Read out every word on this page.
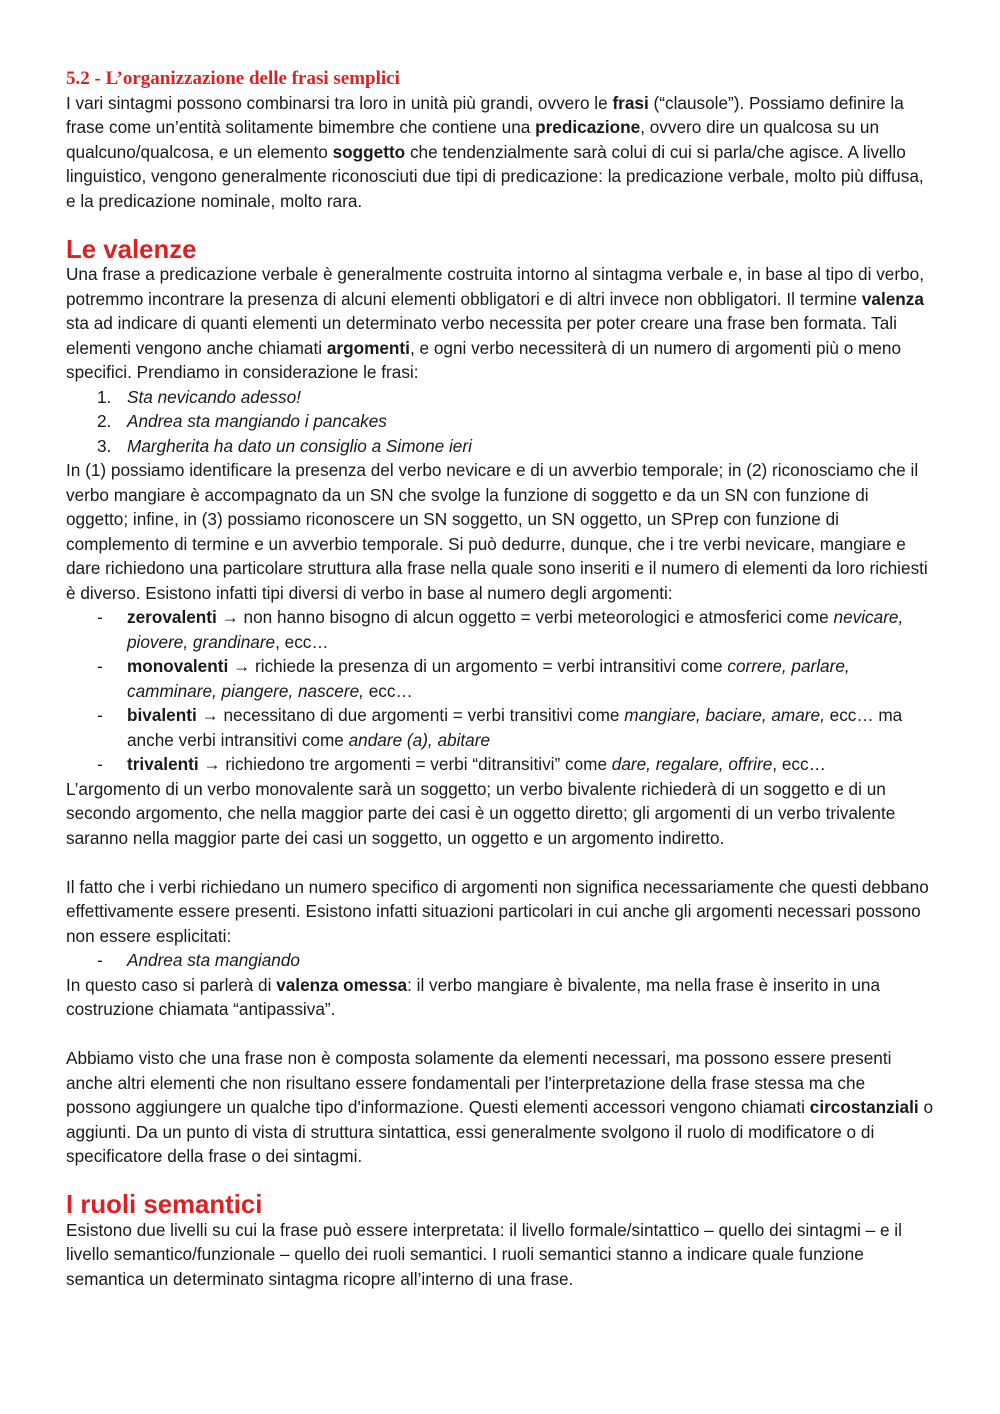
5.2 - L’organizzazione delle frasi semplici

I vari sintagmi possono combinarsi tra loro in unità più grandi, ovvero le frasi (“clausole”). Possiamo definire la frase come un’entità solitamente bimembre che contiene una predicazione, ovvero dire un qualcosa su un qualcuno/qualcosa, e un elemento soggetto che tendenzialmente sarà colui di cui si parla/che agisce. A livello linguistico, vengono generalmente riconosciuti due tipi di predicazione: la predicazione verbale, molto più diffusa, e la predicazione nominale, molto rara.

Le valenze

Una frase a predicazione verbale è generalmente costruita intorno al sintagma verbale e, in base al tipo di verbo, potremmo incontrare la presenza di alcuni elementi obbligatori e di altri invece non obbligatori. Il termine valenza sta ad indicare di quanti elementi un determinato verbo necessita per poter creare una frase ben formata. Tali elementi vengono anche chiamati argomenti, e ogni verbo necessiterà di un numero di argomenti più o meno specifici. Prendiamo in considerazione le frasi:

1. Sta nevicando adesso!
2. Andrea sta mangiando i pancakes
3. Margherita ha dato un consiglio a Simone ieri

In (1) possiamo identificare la presenza del verbo nevicare e di un avverbio temporale; in (2) riconosciamo che il verbo mangiare è accompagnato da un SN che svolge la funzione di soggetto e da un SN con funzione di oggetto; infine, in (3) possiamo riconoscere un SN soggetto, un SN oggetto, un SPrep con funzione di complemento di termine e un avverbio temporale. Si può dedurre, dunque, che i tre verbi nevicare, mangiare e dare richiedono una particolare struttura alla frase nella quale sono inseriti e il numero di elementi da loro richiesti è diverso. Esistono infatti tipi diversi di verbo in base al numero degli argomenti:

- zerovalenti → non hanno bisogno di alcun oggetto = verbi meteorologici e atmosferici come nevicare, piovere, grandinare, ecc…
- monovalenti → richiede la presenza di un argomento = verbi intransitivi come correre, parlare, camminare, piangere, nascere, ecc…
- bivalenti → necessitano di due argomenti = verbi transitivi come mangiare, baciare, amare, ecc… ma anche verbi intransitivi come andare (a), abitare
- trivalenti → richiedono tre argomenti = verbi “ditransitivi” come dare, regalare, offrire, ecc…

L’argomento di un verbo monovalente sarà un soggetto; un verbo bivalente richiederà di un soggetto e di un secondo argomento, che nella maggior parte dei casi è un oggetto diretto; gli argomenti di un verbo trivalente saranno nella maggior parte dei casi un soggetto, un oggetto e un argomento indiretto.

Il fatto che i verbi richiedano un numero specifico di argomenti non significa necessariamente che questi debbano effettivamente essere presenti. Esistono infatti situazioni particolari in cui anche gli argomenti necessari possono non essere esplicitati:

- Andrea sta mangiando

In questo caso si parlerà di valenza omessa: il verbo mangiare è bivalente, ma nella frase è inserito in una costruzione chiamata “antipassiva”.

Abbiamo visto che una frase non è composta solamente da elementi necessari, ma possono essere presenti anche altri elementi che non risultano essere fondamentali per l'interpretazione della frase stessa ma che possono aggiungere un qualche tipo d'informazione. Questi elementi accessori vengono chiamati circostanziali o aggiunti. Da un punto di vista di struttura sintattica, essi generalmente svolgono il ruolo di modificatore o di specificatore della frase o dei sintagmi.

I ruoli semantici

Esistono due livelli su cui la frase può essere interpretata: il livello formale/sintattico – quello dei sintagmi – e il livello semantico/funzionale – quello dei ruoli semantici. I ruoli semantici stanno a indicare quale funzione semantica un determinato sintagma ricopre all’interno di una frase.
